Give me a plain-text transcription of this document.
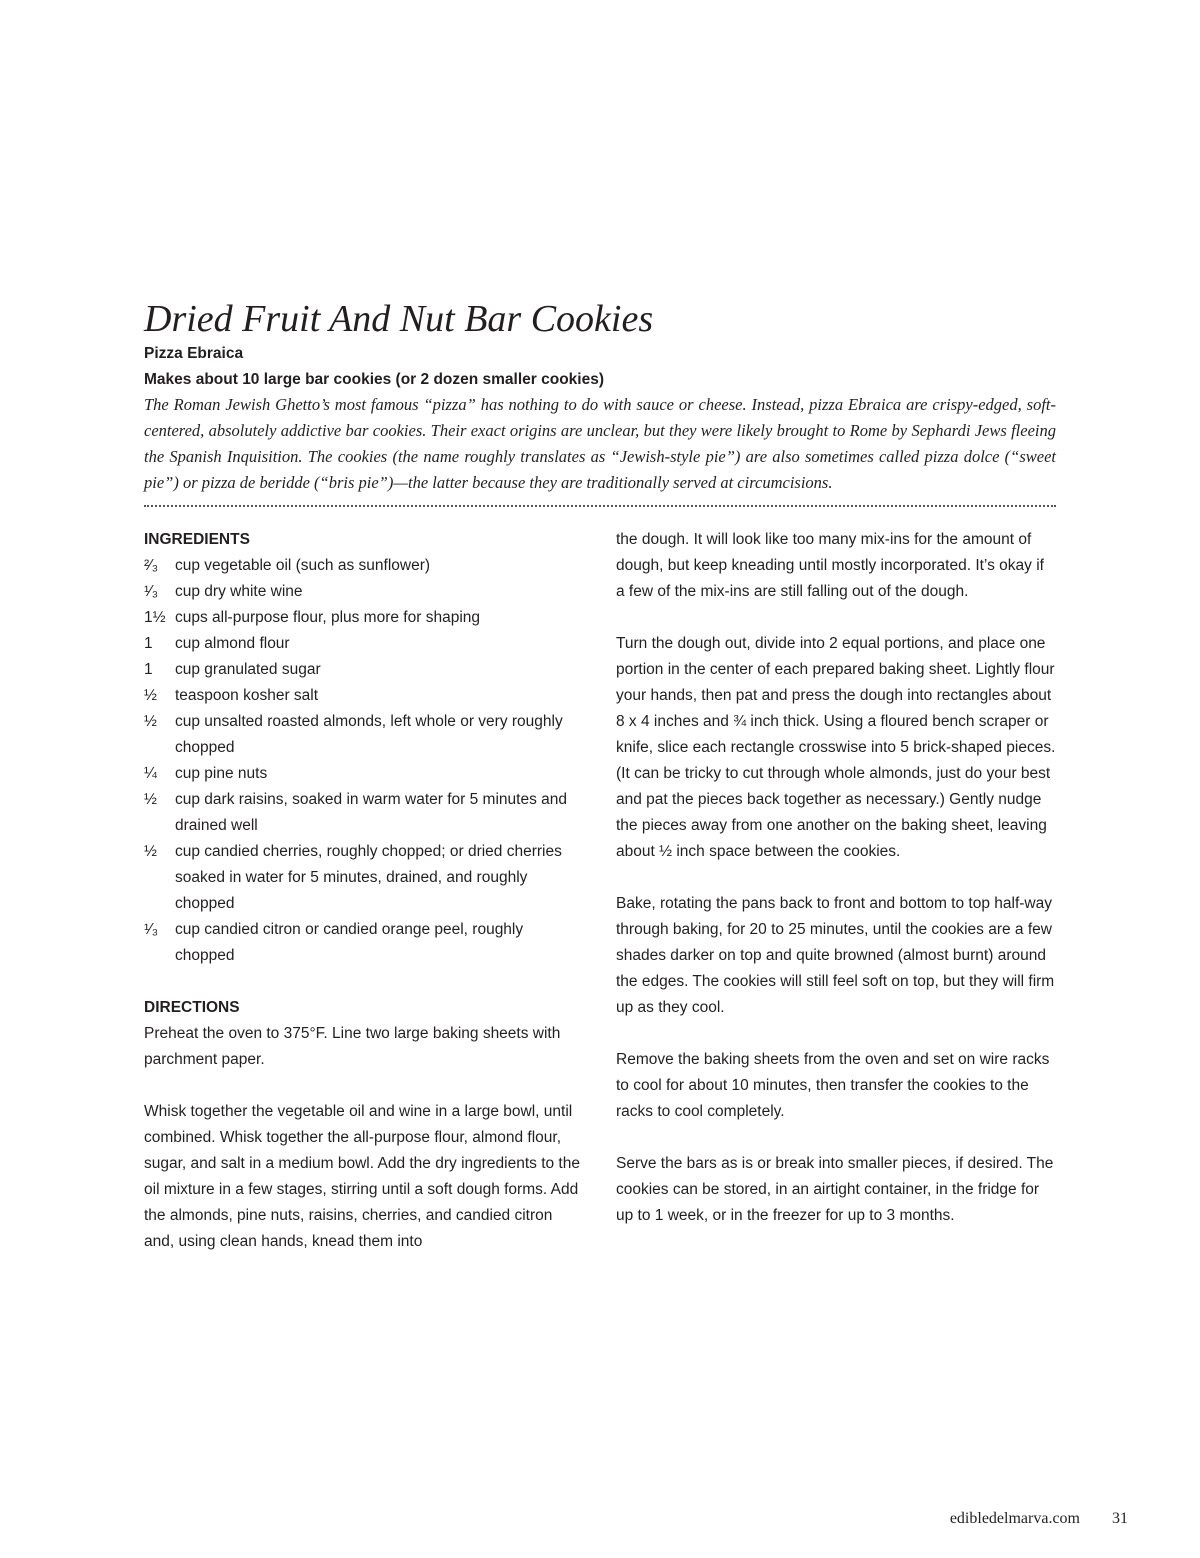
Dried Fruit And Nut Bar Cookies
Pizza Ebraica
Makes about 10 large bar cookies (or 2 dozen smaller cookies)

The Roman Jewish Ghetto’s most famous “pizza” has nothing to do with sauce or cheese. Instead, pizza Ebraica are crispy-edged, soft-centered, absolutely addictive bar cookies. Their exact origins are unclear, but they were likely brought to Rome by Sephardi Jews fleeing the Spanish Inquisition. The cookies (the name roughly translates as “Jewish-style pie”) are also sometimes called pizza dolce (“sweet pie”) or pizza de beridde (“bris pie”)—the latter because they are traditionally served at circumcisions.

INGREDIENTS
²⁄₃	cup vegetable oil (such as sunflower)
¹⁄₃	cup dry white wine
1½ cups all-purpose flour, plus more for shaping
1	cup almond flour
1	cup granulated sugar
½	teaspoon kosher salt
½	cup unsalted roasted almonds, left whole or very roughly chopped
¼	cup pine nuts
½	cup dark raisins, soaked in warm water for 5 minutes and drained well
½	cup candied cherries, roughly chopped; or dried cherries soaked in water for 5 minutes, drained, and roughly chopped
¹⁄₃	cup candied citron or candied orange peel, roughly chopped
DIRECTIONS

Preheat the oven to 375°F. Line two large baking sheets with parchment paper.

Whisk together the vegetable oil and wine in a large bowl, until combined. Whisk together the all-purpose flour, almond flour, sugar, and salt in a medium bowl. Add the dry ingredients to the oil mixture in a few stages, stirring until a soft dough forms. Add the almonds, pine nuts, raisins, cherries, and candied citron and, using clean hands, knead them into

the dough. It will look like too many mix-ins for the amount of dough, but keep kneading until mostly incorporated. It’s okay if a few of the mix-ins are still falling out of the dough.

Turn the dough out, divide into 2 equal portions, and place one portion in the center of each prepared baking sheet. Lightly flour your hands, then pat and press the dough into rectangles about 8 x 4 inches and ¾ inch thick. Using a floured bench scraper or knife, slice each rectangle crosswise into 5 brick-shaped pieces. (It can be tricky to cut through whole almonds, just do your best and pat the pieces back together as necessary.) Gently nudge the pieces away from one another on the baking sheet, leaving about ½ inch space between the cookies.

Bake, rotating the pans back to front and bottom to top half-way through baking, for 20 to 25 minutes, until the cookies are a few shades darker on top and quite browned (almost burnt) around the edges. The cookies will still feel soft on top, but they will firm up as they cool.

Remove the baking sheets from the oven and set on wire racks to cool for about 10 minutes, then transfer the cookies to the racks to cool completely.

Serve the bars as is or break into smaller pieces, if desired. The cookies can be stored, in an airtight container, in the fridge for up to 1 week, or in the freezer for up to 3 months.

edibledelmarva.com 31
